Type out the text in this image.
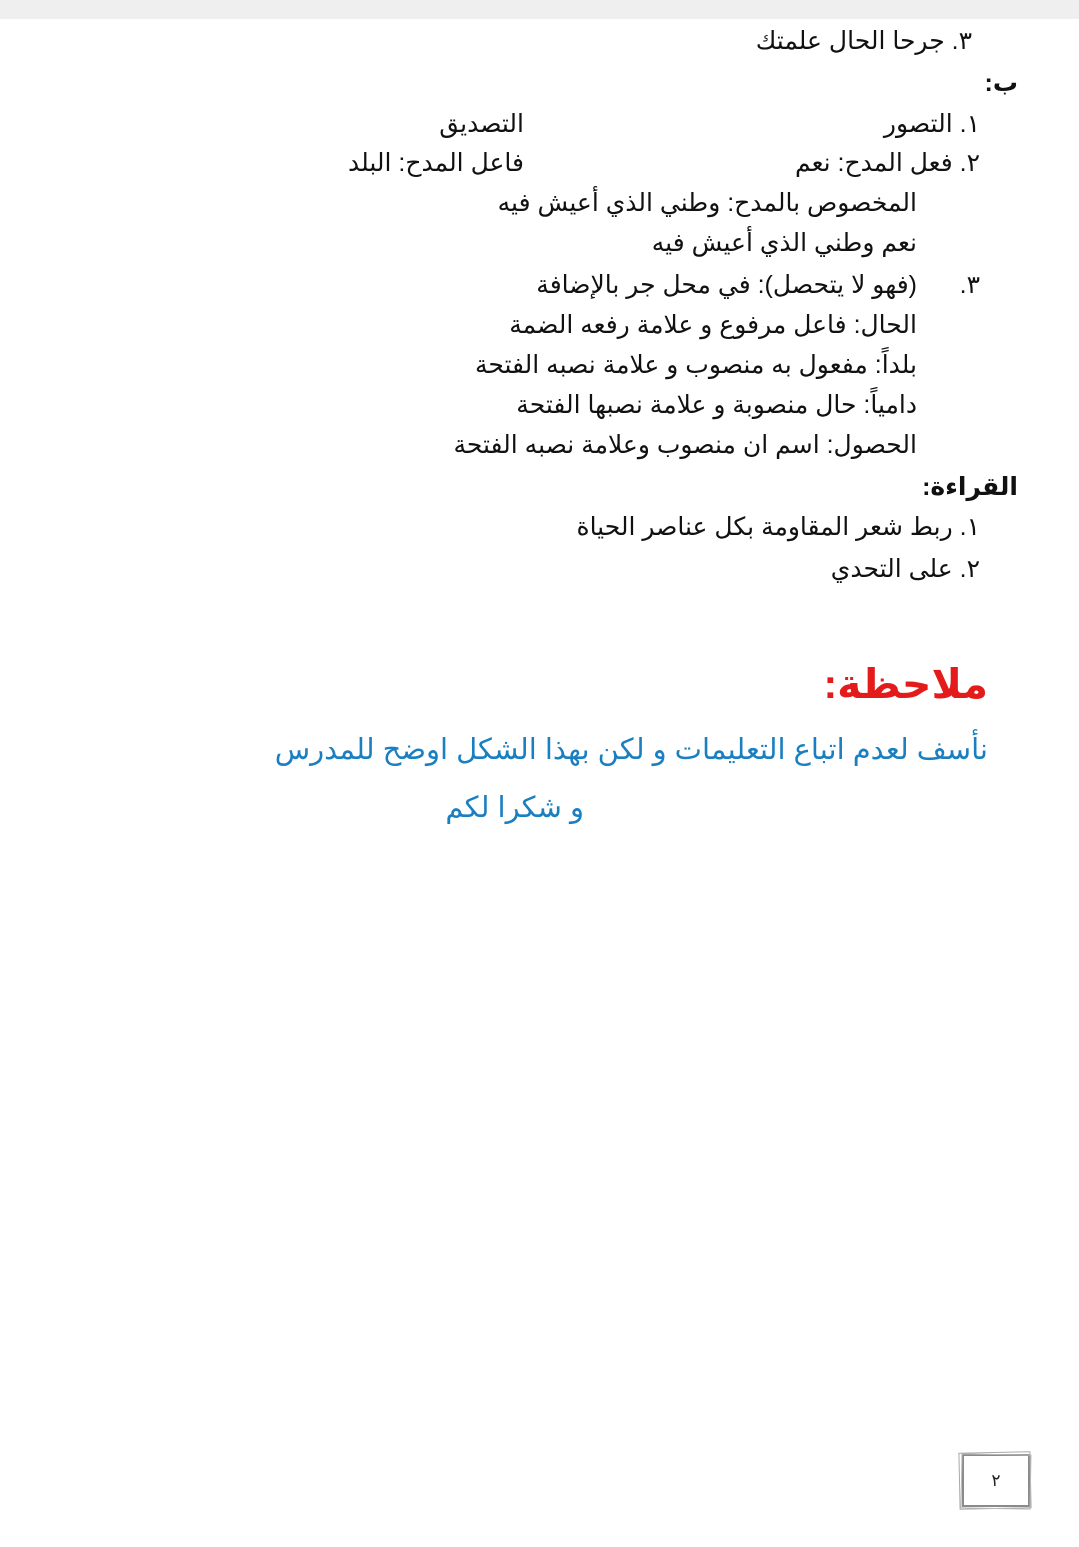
٣. جرحا الحال علمتك
ب:
١. التصور
التصديق
٢. فعل المدح: نعم
فاعل المدح: البلد
المخصوص بالمدح: وطني الذي أعيش فيه
نعم وطني الذي أعيش فيه
٣.
(فهو لا يتحصل): في محل جر بالإضافة
الحال: فاعل مرفوع و علامة رفعه الضمة
بلداً: مفعول به منصوب و علامة نصبه الفتحة
دامياً: حال منصوبة و علامة نصبها الفتحة
الحصول: اسم ان منصوب وعلامة نصبه الفتحة
القراءة:
١. ربط شعر المقاومة بكل عناصر الحياة
٢. على التحدي
ملاحظة:
نأسف لعدم اتباع التعليمات و لكن بهذا الشكل اوضح للمدرس
و شكرا لكم
٢
